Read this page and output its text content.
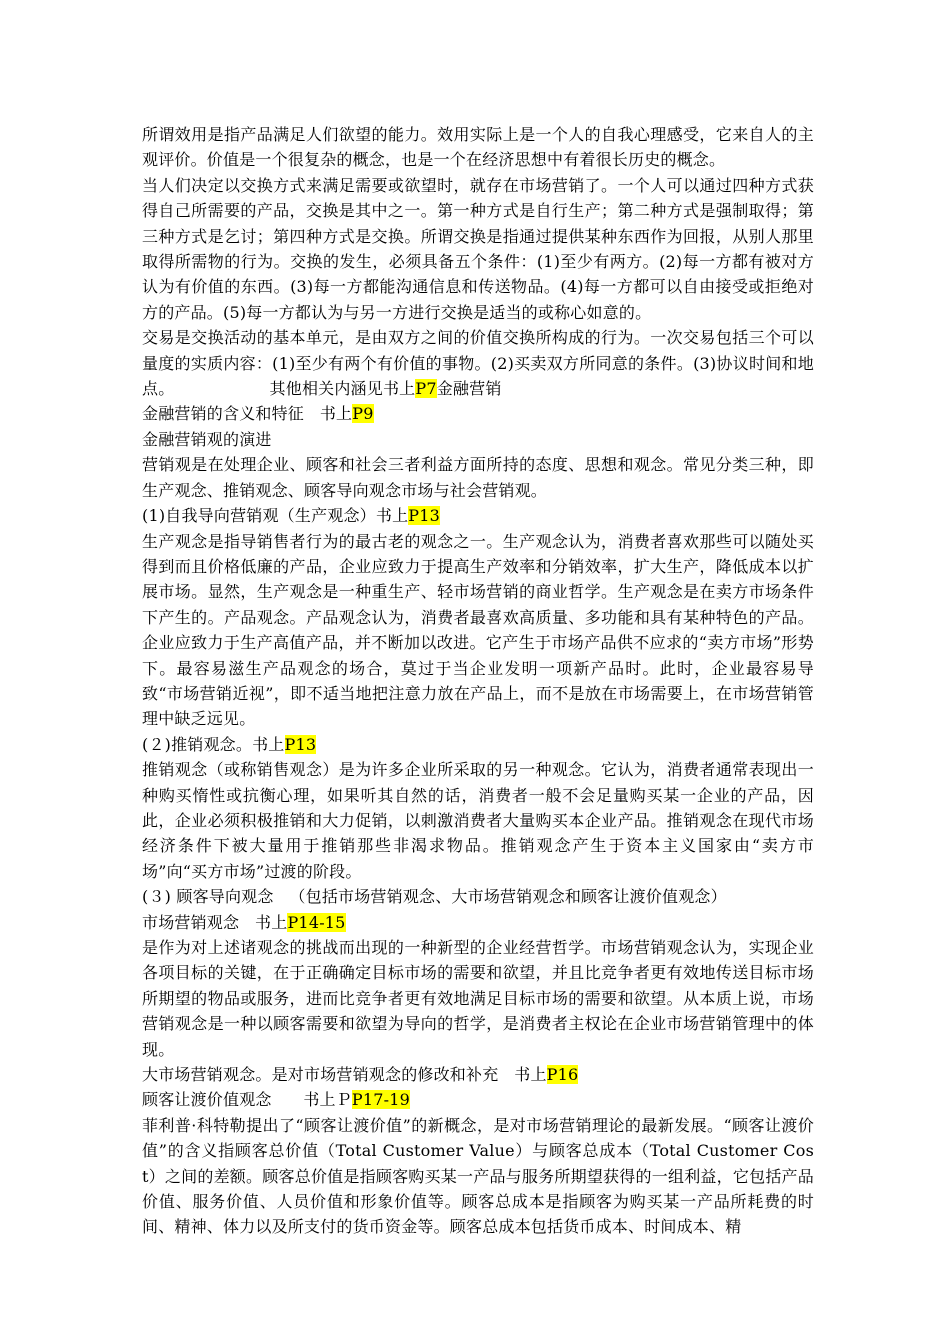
所谓效用是指产品满足人们欲望的能力。效用实际上是一个人的自我心理感受，它来自人的主观评价。价值是一个很复杂的概念，也是一个在经济思想中有着很长历史的概念。

当人们决定以交换方式来满足需要或欲望时，就存在市场营销了。一个人可以通过四种方式获得自己所需要的产品，交换是其中之一。第一种方式是自行生产；第二种方式是强制取得；第三种方式是乞讨；第四种方式是交换。所谓交换是指通过提供某种东西作为回报，从别人那里取得所需物的行为。交换的发生，必须具备五个条件：(1)至少有两方。(2)每一方都有被对方认为有价值的东西。(3)每一方都能沟通信息和传送物品。(4)每一方都可以自由接受或拒绝对方的产品。(5)每一方都认为与另一方进行交换是适当的或称心如意的。

交易是交换活动的基本单元，是由双方之间的价值交换所构成的行为。一次交易包括三个可以量度的实质内容：(1)至少有两个有价值的事物。(2)买卖双方所同意的条件。(3)协议时间和地点。                  其他相关内涵见书上P7金融营销

金融营销的含义和特征   书上P9

金融营销观的演进

营销观是在处理企业、顾客和社会三者利益方面所持的态度、思想和观念。常见分类三种，即生产观念、推销观念、顾客导向观念市场与社会营销观。

(1)自我导向营销观（生产观念）书上P13

生产观念是指导销售者行为的最古老的观念之一。生产观念认为，消费者喜欢那些可以随处买得到而且价格低廉的产品，企业应致力于提高生产效率和分销效率，扩大生产，降低成本以扩展市场。显然，生产观念是一种重生产、轻市场营销的商业哲学。生产观念是在卖方市场条件下产生的。产品观念。产品观念认为，消费者最喜欢高质量、多功能和具有某种特色的产品。企业应致力于生产高值产品，并不断加以改进。它产生于市场产品供不应求的“卖方市场”形势下。最容易滋生产品观念的场合，莫过于当企业发明一项新产品时。此时，企业最容易导致“市场营销近视”，即不适当地把注意力放在产品上，而不是放在市场需要上，在市场营销管理中缺乏远见。

(２)推销观念。书上P13

推销观念（或称销售观念）是为许多企业所采取的另一种观念。它认为，消费者通常表现出一种购买惰性或抗衡心理，如果听其自然的话，消费者一般不会足量购买某一企业的产品，因此，企业必须积极推销和大力促销，以刺激消费者大量购买本企业产品。推销观念在现代市场经济条件下被大量用于推销那些非渴求物品。推销观念产生于资本主义国家由“卖方市场”向“买方市场”过渡的阶段。

(３) 顾客导向观念   （包括市场营销观念、大市场营销观念和顾客让渡价值观念）

市场营销观念   书上P14-15

是作为对上述诸观念的挑战而出现的一种新型的企业经营哲学。市场营销观念认为，实现企业各项目标的关键，在于正确确定目标市场的需要和欲望，并且比竞争者更有效地传送目标市场所期望的物品或服务，进而比竞争者更有效地满足目标市场的需要和欲望。从本质上说，市场营销观念是一种以顾客需要和欲望为导向的哲学，是消费者主权论在企业市场营销管理中的体现。

大市场营销观念。是对市场营销观念的修改和补充   书上P16

顾客让渡价值观念      书上ＰP17-19

菲利普·科特勒提出了“顾客让渡价值”的新概念，是对市场营销理论的最新发展。“顾客让渡价值”的含义指顾客总价值（Total Customer Value）与顾客总成本（Total Customer Cost）之间的差额。顾客总价值是指顾客购买某一产品与服务所期望获得的一组利益，它包括产品价值、服务价值、人员价值和形象价值等。顾客总成本是指顾客为购买某一产品所耗费的时间、精神、体力以及所支付的货币资金等。顾客总成本包括货币成本、时间成本、精
